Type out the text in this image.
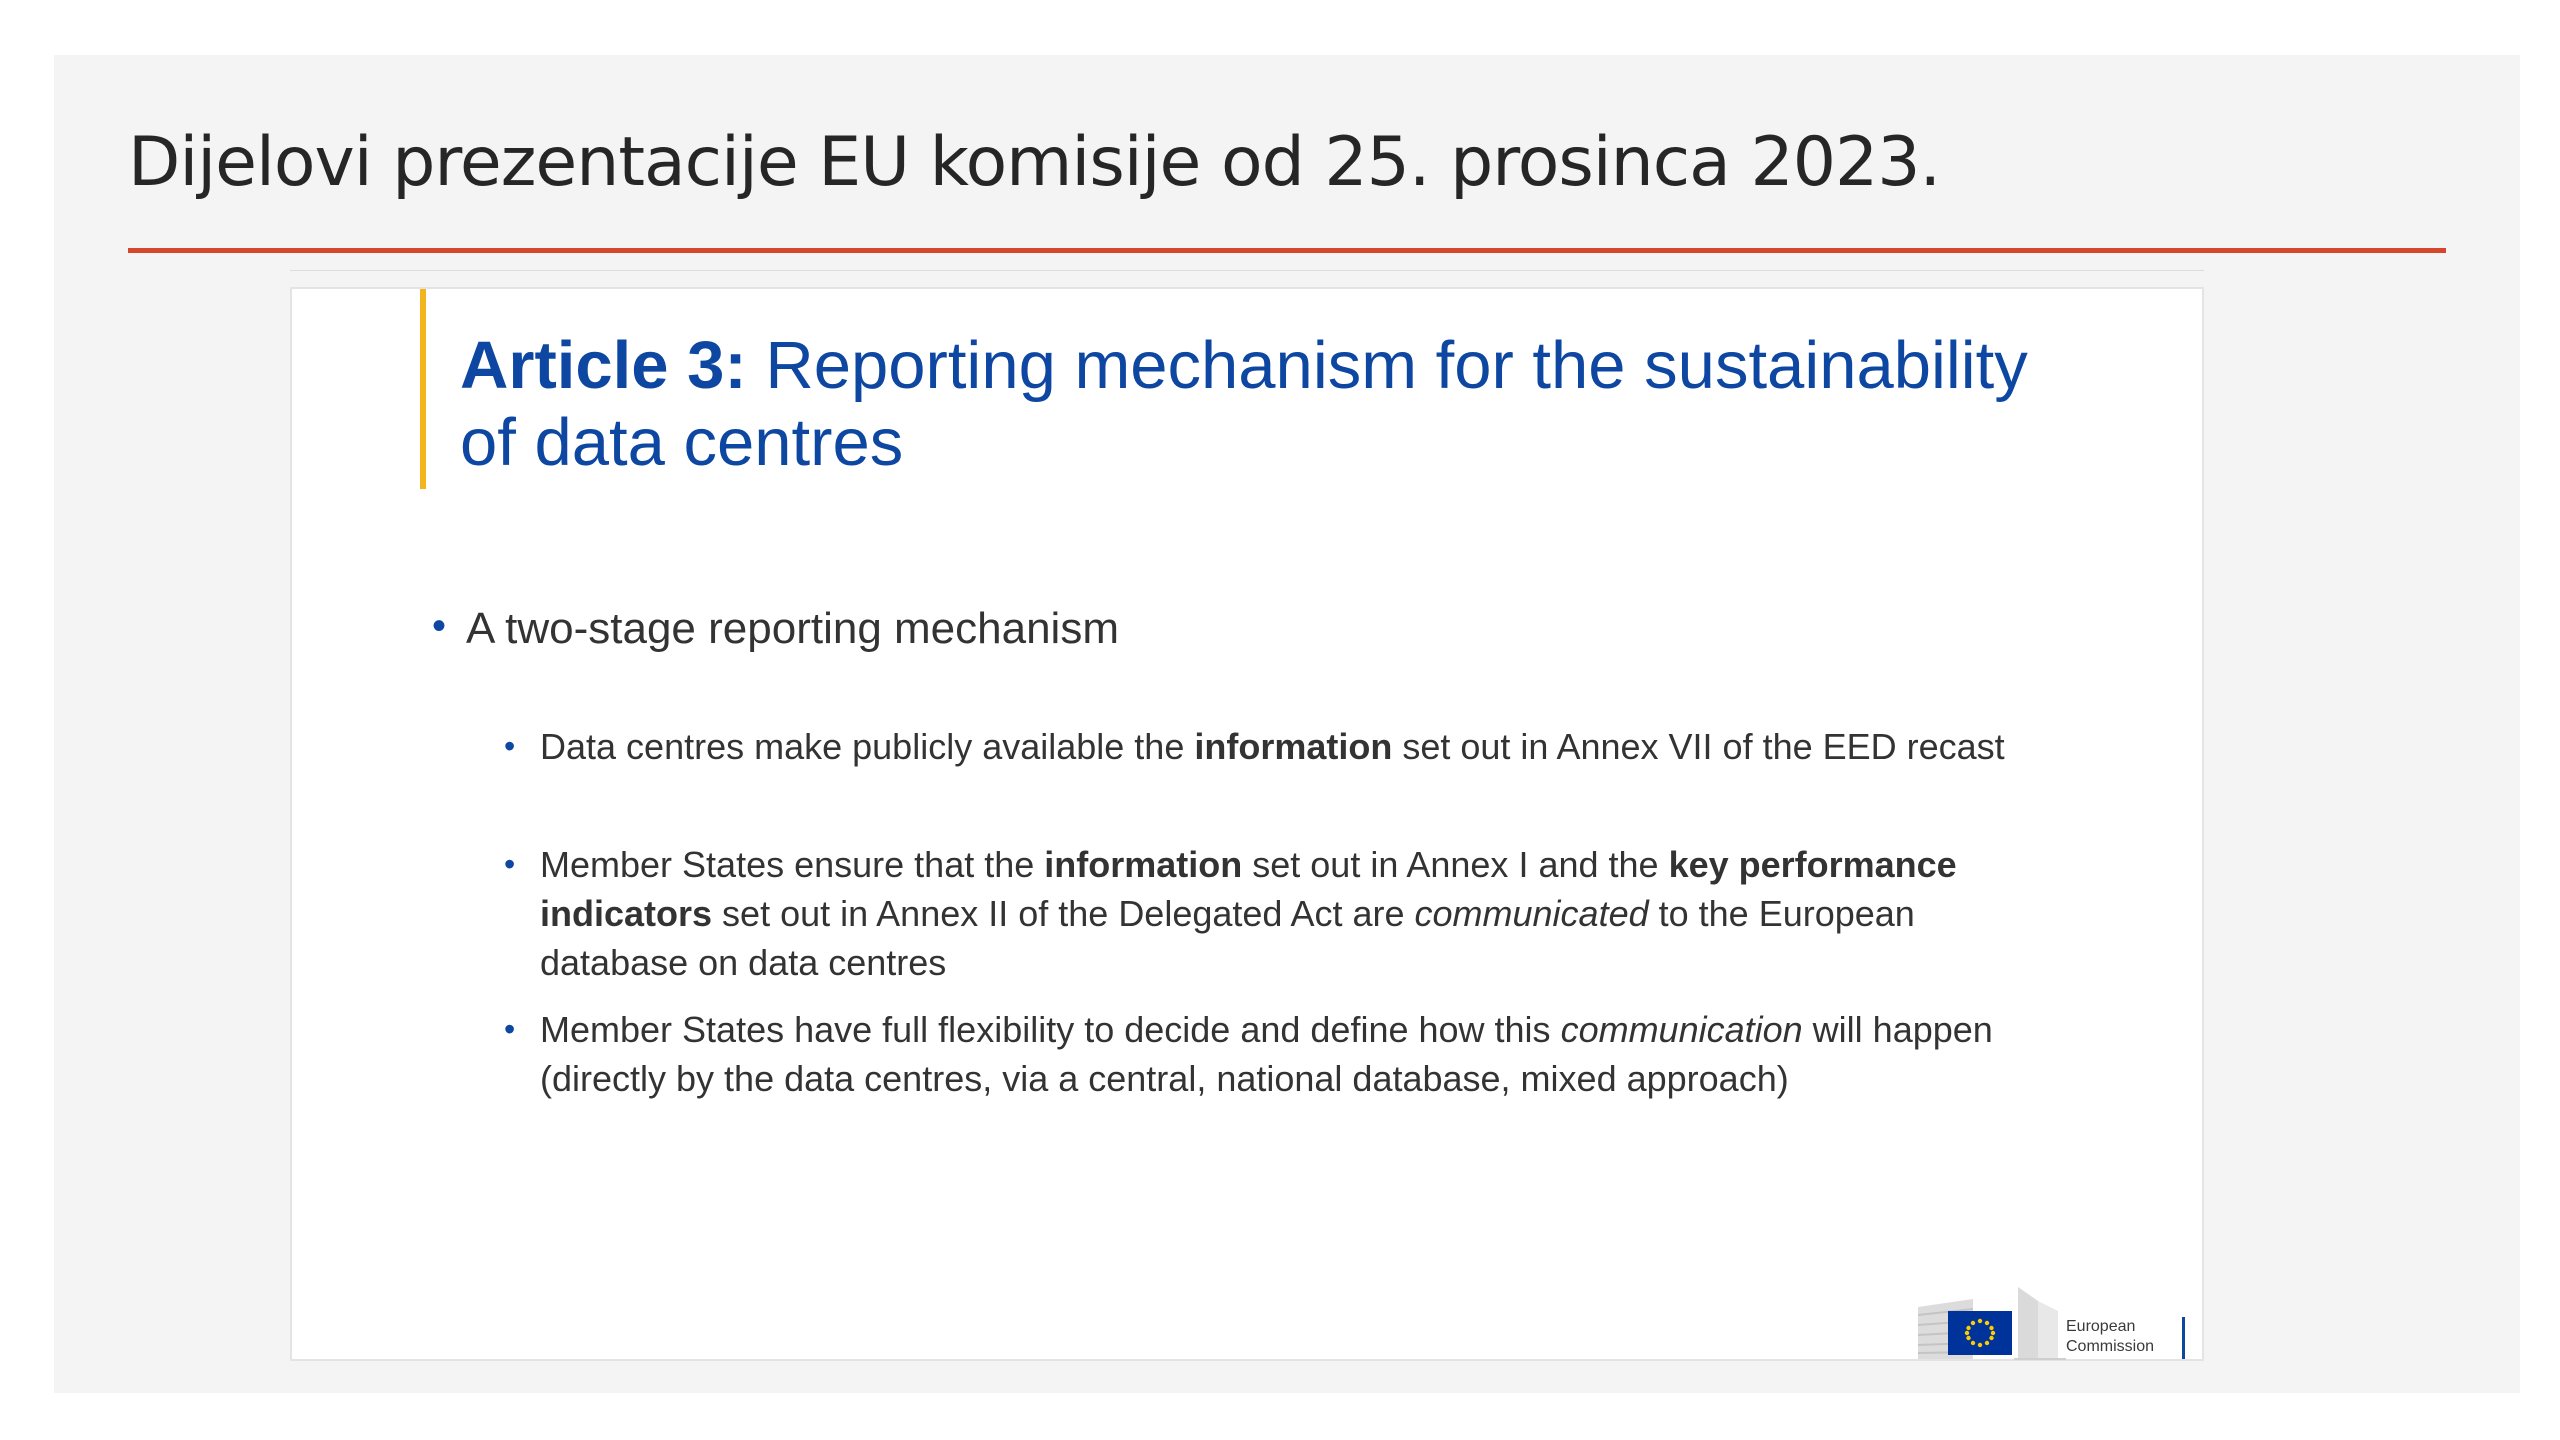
Dijelovi prezentacije EU komisije od 25. prosinca 2023.
Article 3: Reporting mechanism for the sustainability of data centres
• A two-stage reporting mechanism
• Data centres make publicly available the information set out in Annex VII of the EED recast
• Member States ensure that the information set out in Annex I and the key performance indicators set out in Annex II of the Delegated Act are communicated to the European database on data centres
• Member States have full flexibility to decide and define how this communication will happen (directly by the data centres, via a central, national database, mixed approach)
European
Commission
